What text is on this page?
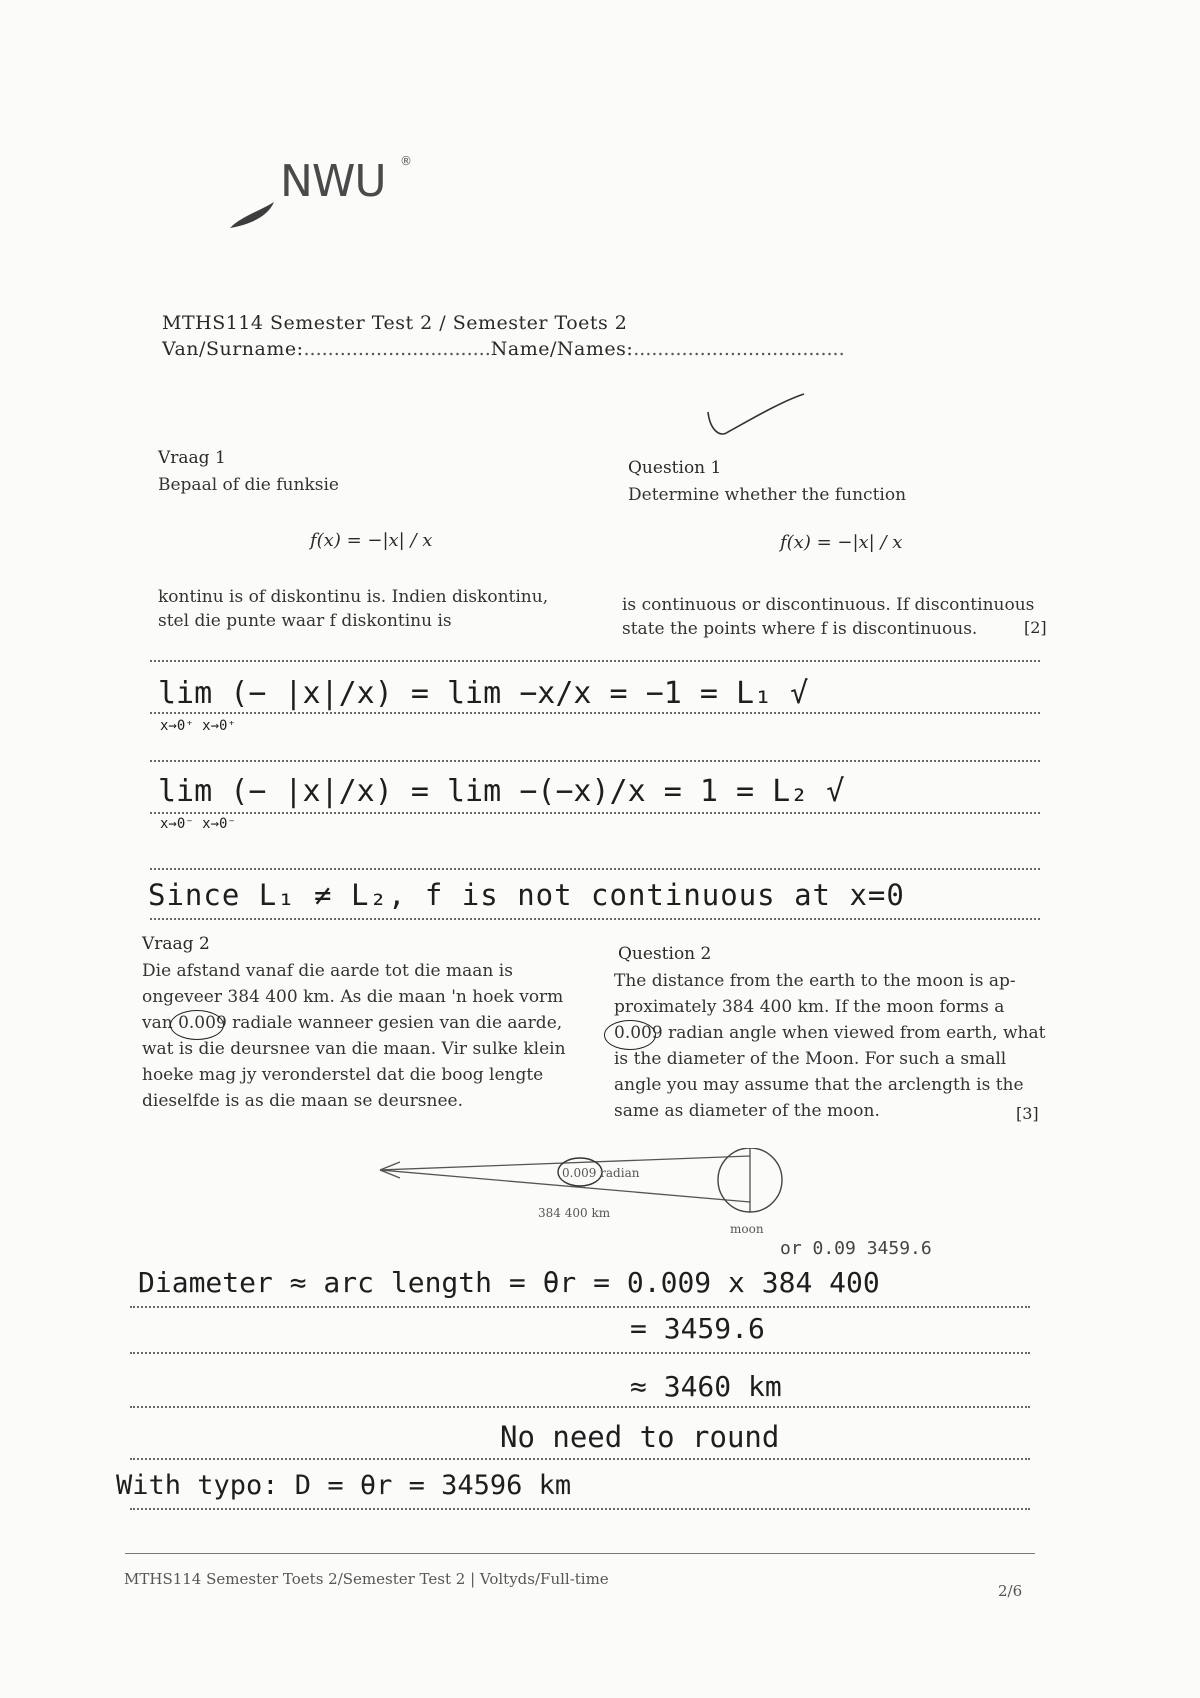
NWU ®
MTHS114 Semester Test 2 / Semester Toets 2
Van/Surname:...............................Name/Names:...................................
Vraag 1
Bepaal of die funksie
Question 1
Determine whether the function
f(x) = −|x| / x	f(x) = −|x| / x
kontinu is of diskontinu is. Indien diskontinu,
stel die punte waar f diskontinu is
is continuous or discontinuous. If discontinuous
state the points where f is discontinuous.	[2]
lim (− |x|/x) = lim −x/x = −1 = L₁ √
x→0⁺ x→0⁺
lim (− |x|/x) = lim −(−x)/x = 1 = L₂ √
x→0⁻ x→0⁻
Since L₁ ≠ L₂, f is not continuous at x=0
Vraag 2
Die afstand vanaf die aarde tot die maan is
ongeveer 384 400 km. As die maan 'n hoek vorm
van 0.009 radiale wanneer gesien van die aarde,
wat is die deursnee van die maan. Vir sulke klein
hoeke mag jy veronderstel dat die boog lengte
dieselfde is as die maan se deursnee.
Question 2
The distance from the earth to the moon is ap-
proximately 384 400 km. If the moon forms a
0.009 radian angle when viewed from earth, what
is the diameter of the Moon. For such a small
angle you may assume that the arclength is the
same as diameter of the moon.	[3]
0.009 radian
384 400 km
moon
or 0.09 3459.6
Diameter ≈ arc length = θr = 0.009 x 384 400
= 3459.6
≈ 3460 km
No need to round
With typo: D = θr = 34596 km
MTHS114 Semester Toets 2/Semester Test 2 | Voltyds/Full-time
2/6
